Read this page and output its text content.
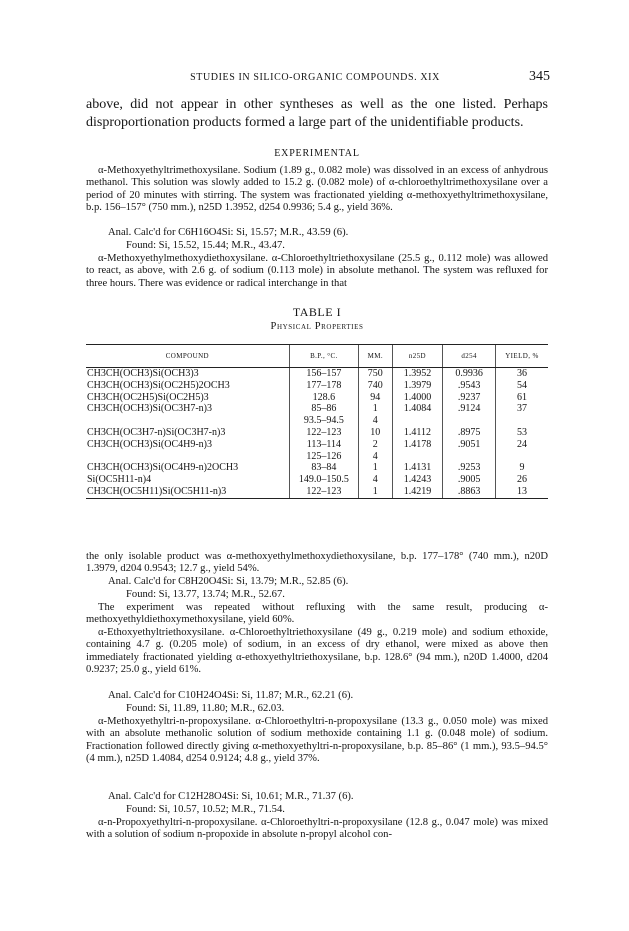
STUDIES IN SILICO-ORGANIC COMPOUNDS. XIX	345

above, did not appear in other syntheses as well as the one listed. Perhaps disproportionation products formed a large part of the unidentifiable products.

EXPERIMENTAL

α-Methoxyethyltrimethoxysilane. Sodium (1.89 g., 0.082 mole) was dissolved in an excess of anhydrous methanol. This solution was slowly added to 15.2 g. (0.082 mole) of α-chloroethyltrimethoxysilane over a period of 20 minutes with stirring. The system was fractionated yielding α-methoxyethyltrimethoxysilane, b.p. 156–157° (750 mm.), n25D 1.3952, d254 0.9936; 5.4 g., yield 36%.

Anal. Calc'd for C6H16O4Si: Si, 15.57; M.R., 43.59 (6).

Found: Si, 15.52, 15.44; M.R., 43.47.

α-Methoxyethylmethoxydiethoxysilane. α-Chloroethyltriethoxysilane (25.5 g., 0.112 mole) was allowed to react, as above, with 2.6 g. of sodium (0.113 mole) in absolute methanol. The system was refluxed for three hours. There was evidence or radical interchange in that

TABLE I
Physical Properties
COMPOUND	B.P., °C.	MM.	n25D	d254	YIELD, %
CH3CH(OCH3)Si(OCH3)3	156–157	750	1.3952	0.9936	36
CH3CH(OCH3)Si(OC2H5)2OCH3	177–178	740	1.3979	.9543	54
CH3CH(OC2H5)Si(OC2H5)3	128.6	94	1.4000	.9237	61
CH3CH(OCH3)Si(OC3H7-n)3	85–86	1	1.4084	.9124	37
	93.5–94.5	4			
CH3CH(OC3H7-n)Si(OC3H7-n)3	122–123	10	1.4112	.8975	53
CH3CH(OCH3)Si(OC4H9-n)3	113–114	2	1.4178	.9051	24
	125–126	4			
CH3CH(OCH3)Si(OC4H9-n)2OCH3	83–84	1	1.4131	.9253	9
Si(OC5H11-n)4	149.0–150.5	4	1.4243	.9005	26
CH3CH(OC5H11)Si(OC5H11-n)3	122–123	1	1.4219	.8863	13

the only isolable product was α-methoxyethylmethoxydiethoxysilane, b.p. 177–178° (740 mm.), n20D 1.3979, d204 0.9543; 12.7 g., yield 54%.

Anal. Calc'd for C8H20O4Si: Si, 13.79; M.R., 52.85 (6).

Found: Si, 13.77, 13.74; M.R., 52.67.

The experiment was repeated without refluxing with the same result, producing α-methoxyethyldiethoxymethoxysilane, yield 60%.

α-Ethoxyethyltriethoxysilane. α-Chloroethyltriethoxysilane (49 g., 0.219 mole) and sodium ethoxide, containing 4.7 g. (0.205 mole) of sodium, in an excess of dry ethanol, were mixed as above then immediately fractionated yielding α-ethoxyethyltriethoxysilane, b.p. 128.6° (94 mm.), n20D 1.4000, d204 0.9237; 25.0 g., yield 61%.

Anal. Calc'd for C10H24O4Si: Si, 11.87; M.R., 62.21 (6).

Found: Si, 11.89, 11.80; M.R., 62.03.

α-Methoxyethyltri-n-propoxysilane. α-Chloroethyltri-n-propoxysilane (13.3 g., 0.050 mole) was mixed with an absolute methanolic solution of sodium methoxide containing 1.1 g. (0.048 mole) of sodium. Fractionation followed directly giving α-methoxyethyltri-n-propoxysilane, b.p. 85–86° (1 mm.), 93.5–94.5° (4 mm.), n25D 1.4084, d254 0.9124; 4.8 g., yield 37%.

Anal. Calc'd for C12H28O4Si: Si, 10.61; M.R., 71.37 (6).

Found: Si, 10.57, 10.52; M.R., 71.54.

α-n-Propoxyethyltri-n-propoxysilane. α-Chloroethyltri-n-propoxysilane (12.8 g., 0.047 mole) was mixed with a solution of sodium n-propoxide in absolute n-propyl alcohol con-
